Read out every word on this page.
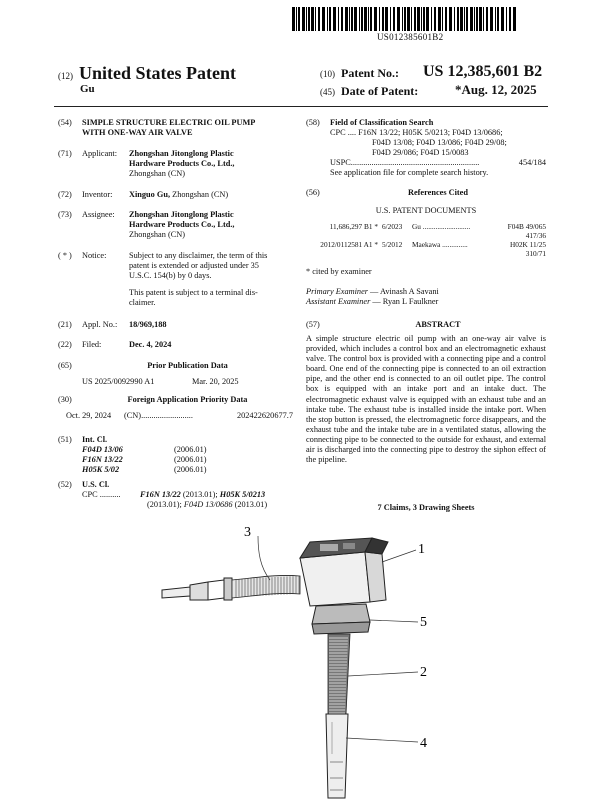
US012385601B2
(12) United States Patent
Gu
(10) Patent No.: US 12,385,601 B2
(45) Date of Patent:	*Aug. 12, 2025
(54)	SIMPLE STRUCTURE ELECTRIC OIL PUMP
WITH ONE-WAY AIR VALVE
(71)	Applicant:	Zhongshan Jitonglong Plastic
Hardware Products Co., Ltd.,
Zhongshan (CN)
(72)	Inventor:	Xinguo Gu, Zhongshan (CN)
(73)	Assignee:	Zhongshan Jitonglong Plastic
Hardware Products Co., Ltd.,
Zhongshan (CN)
( * )	Notice:	Subject to any disclaimer, the term of this
patent is extended or adjusted under 35
U.S.C. 154(b) by 0 days.
This patent is subject to a terminal dis-
claimer.
(21)	Appl. No.:	18/969,188
(22)	Filed:	Dec. 4, 2024
(65)	Prior Publication Data
US 2025/0092990 A1	Mar. 20, 2025
(30)	Foreign Application Priority Data
Oct. 29, 2024	(CN) .........................	202422620677.7
(51)	Int. Cl.
F04D 13/06	(2006.01)
F16N 13/22	(2006.01)
H05K 5/02	(2006.01)
(52)	U.S. Cl.
CPC ..........	F16N 13/22 (2013.01); H05K 5/0213
(2013.01); F04D 13/0686 (2013.01)
(58)	Field of Classification Search
CPC .... F16N 13/22; H05K 5/0213; F04D 13/0686;
F04D 13/08; F04D 13/086; F04D 29/08;
F04D 29/086; F04D 15/0083
USPC ..............................................................	454/184
See application file for complete search history.
(56)	References Cited
U.S. PATENT DOCUMENTS
11,686,297 B1 * 6/2023	Gu ..........................	F04B 49/065
417/36
2012/0112581 A1 * 5/2012	Maekawa ..............	H02K 11/25
310/71
* cited by examiner
Primary Examiner — Avinash A Savani
Assistant Examiner — Ryan L Faulkner
(57)	ABSTRACT
A simple structure electric oil pump with an one-way air valve is provided, which includes a control box and an electromagnetic exhaust valve. The control box is provided with a connecting pipe and a control board. One end of the connecting pipe is connected to an oil extraction pipe, and the other end is connected to an oil outlet pipe. The control box is equipped with an intake port and an intake duct. The electromagnetic exhaust valve is equipped with an exhaust tube and an intake tube. The exhaust tube is installed inside the intake port. When the stop button is pressed, the electromagnetic force disappears, and the exhaust tube and the intake tube are in a ventilated status, allowing the connecting pipe to be connected to the outside for exhaust, and external air is discharged into the connecting pipe to destroy the siphon effect of the pipeline.
7 Claims, 3 Drawing Sheets
1
2
3
4
5
